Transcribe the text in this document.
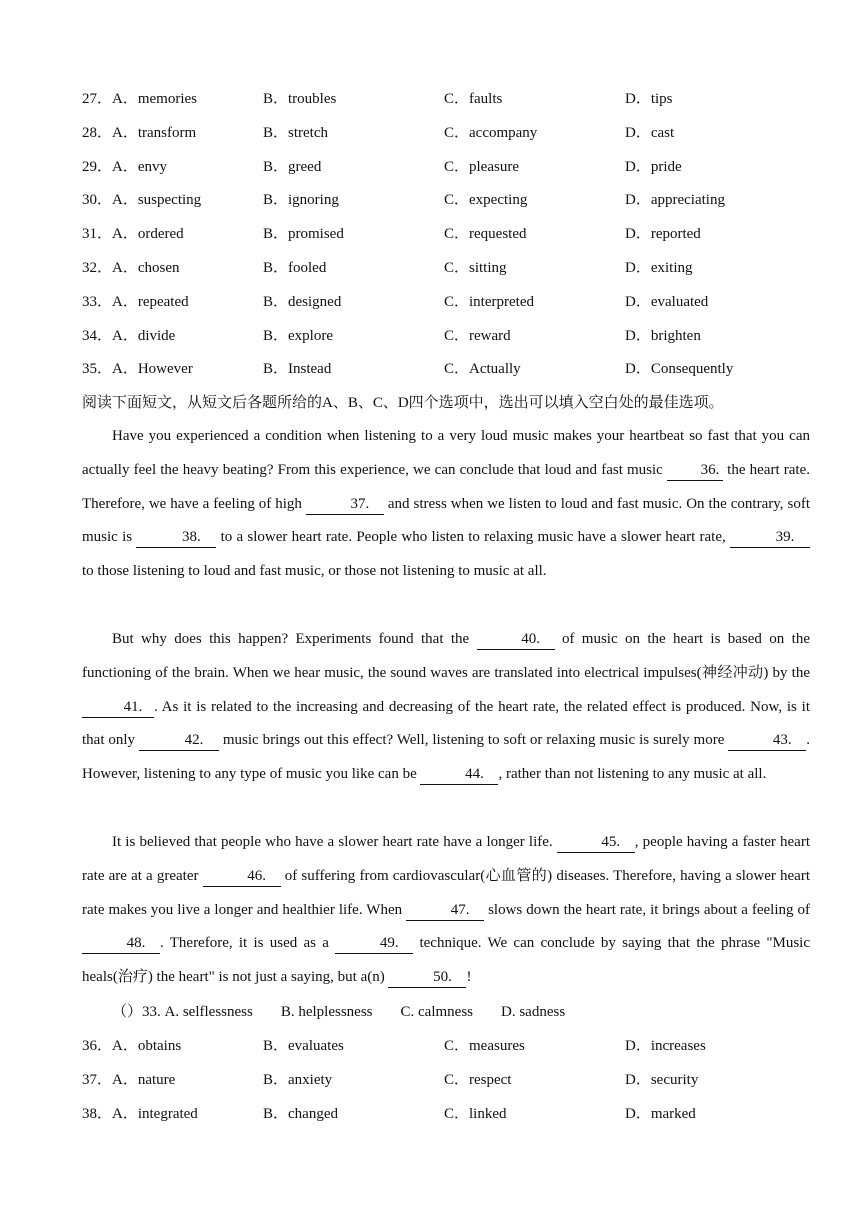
27． A．memories	B．troubles	C．faults	D．tips
28． A．transform	B．stretch	C．accompany	D．cast
29． A．envy	B．greed	C．pleasure	D．pride
30． A．suspecting	B．ignoring	C．expecting	D．appreciating
31． A．ordered	B．promised	C．requested	D．reported
32． A．chosen	B．fooled	C．sitting	D．exiting
33． A．repeated	B．designed	C．interpreted	D．evaluated
34． A．divide	B．explore	C．reward	D．brighten
35． A．However	B．Instead	C．Actually	D．Consequently
阅读下面短文，从短文后各题所给的A、B、C、D四个选项中，选出可以填入空白处的最佳选项。
Have you experienced a condition when listening to a very loud music makes your heartbeat so fast that you can actually feel the heavy beating? From this experience, we can conclude that loud and fast music 36. the heart rate. Therefore, we have a feeling of high	37. and stress when we listen to loud and fast music. On the contrary, soft music is	38. to a slower heart rate. People who listen to relaxing music have a slower heart rate,	39. to those listening to loud and fast music, or those not listening to music at all.
But why does this happen? Experiments found that the	40. of music on the heart is based on the functioning of the brain. When we hear music, the sound waves are translated into electrical impulses(神经冲动) by the 41. . As it is related to the increasing and decreasing of the heart rate, the related effect is produced. Now, is it that only	42. music brings out this effect? Well, listening to soft or relaxing music is surely more	43. . However, listening to any type of music you like can be	44. , rather than not listening to any music at all.
It is believed that people who have a slower heart rate have a longer life.	45. , people having a faster heart rate are at a greater	46. of suffering from cardiovascular(心血管的) diseases. Therefore, having a slower heart rate makes you live a longer and healthier life. When	47. slows down the heart rate, it brings about a feeling of 48. . Therefore, it is used as a	49. technique. We can conclude by saying that the phrase "Music heals(治疗) the heart" is not just a saying, but a(n)	50. !
（）33. A. selflessness B. helplessness C. calmness D. sadness
36． A．obtains	B．evaluates	C．measures	D．increases
37． A．nature	B．anxiety	C．respect	D．security
38． A．integrated	B．changed	C．linked	D．marked
